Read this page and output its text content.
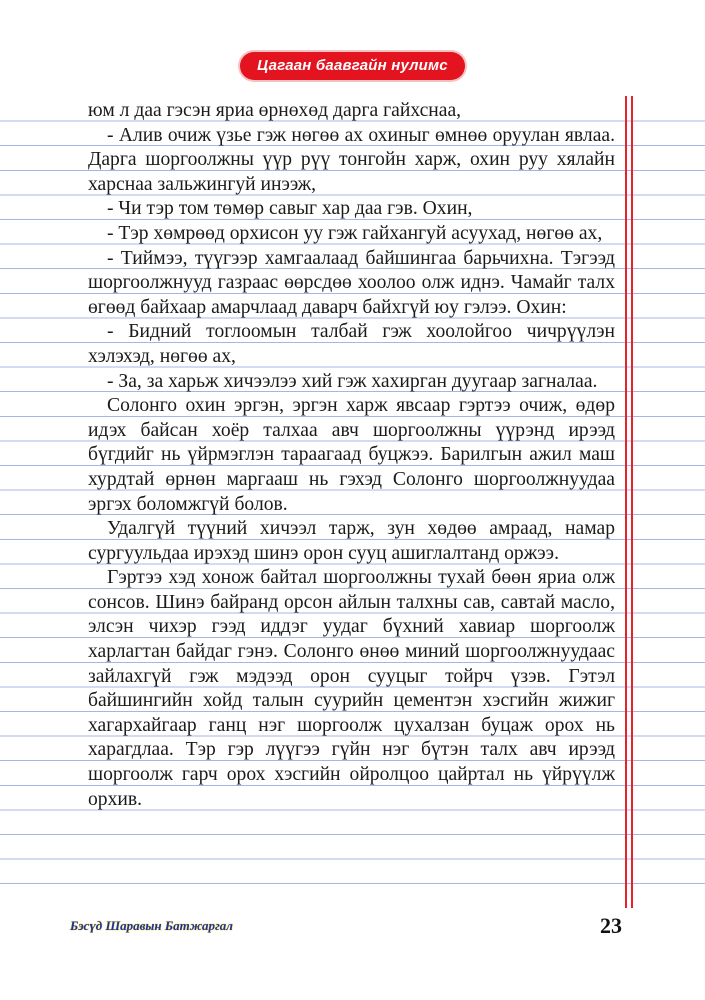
Цагаан баавгайн нулимс

юм л даа гэсэн яриа өрнөхөд дарга гайхснаа,

- Алив очиж үзье гэж нөгөө ах охиныг өмнөө оруулан явлаа. Дарга шоргоолжны үүр рүү тонгойн харж, охин руу хялайн харснаа зальжингуй инээж,

- Чи тэр том төмөр савыг хар даа гэв. Охин,

- Тэр хөмрөөд орхисон уу гэж гайхангуй асуухад, нөгөө ах,

- Тиймээ, түүгээр хамгаалаад байшингаа барьчихна. Тэгээд шоргоолжнууд газраас өөрсдөө хоолоо олж иднэ. Чамайг талх өгөөд байхаар амарчлаад даварч байхгүй юу гэлээ. Охин:

- Бидний тоглоомын талбай гэж хоолойгоо чичрүүлэн хэлэхэд, нөгөө ах,

- За, за харьж хичээлээ хий гэж хахирган дуугаар загналаа.

Солонго охин эргэн, эргэн харж явсаар гэртээ очиж, өдөр идэх байсан хоёр талхаа авч шоргоолжны үүрэнд ирээд бүгдийг нь үйрмэглэн тараагаад буцжээ. Барилгын ажил маш хурдтай өрнөн маргааш нь гэхэд Солонго шоргоолжнуудаа эргэх боломжгүй болов.

Удалгүй түүний хичээл тарж, зун хөдөө амраад, намар сургуульдаа ирэхэд шинэ орон сууц ашиглалтанд оржээ.

Гэртээ хэд хонож байтал шоргоолжны тухай бөөн яриа олж сонсов. Шинэ байранд орсон айлын талхны сав, савтай масло, элсэн чихэр гээд иддэг уудаг бүхний хавиар шоргоолж харлагтан байдаг гэнэ. Солонго өнөө миний шоргоолжнуудаас зайлахгүй гэж мэдээд орон сууцыг тойрч үзэв. Гэтэл байшингийн хойд талын суурийн цементэн хэсгийн жижиг хагархайгаар ганц нэг шоргоолж цухалзан буцаж орох нь харагдлаа. Тэр гэр лүүгээ гүйн нэг бүтэн талх авч ирээд шоргоолж гарч орох хэсгийн ойролцоо цайртал нь үйрүүлж орхив.

Бэсүд Шаравын Батжаргал	23
